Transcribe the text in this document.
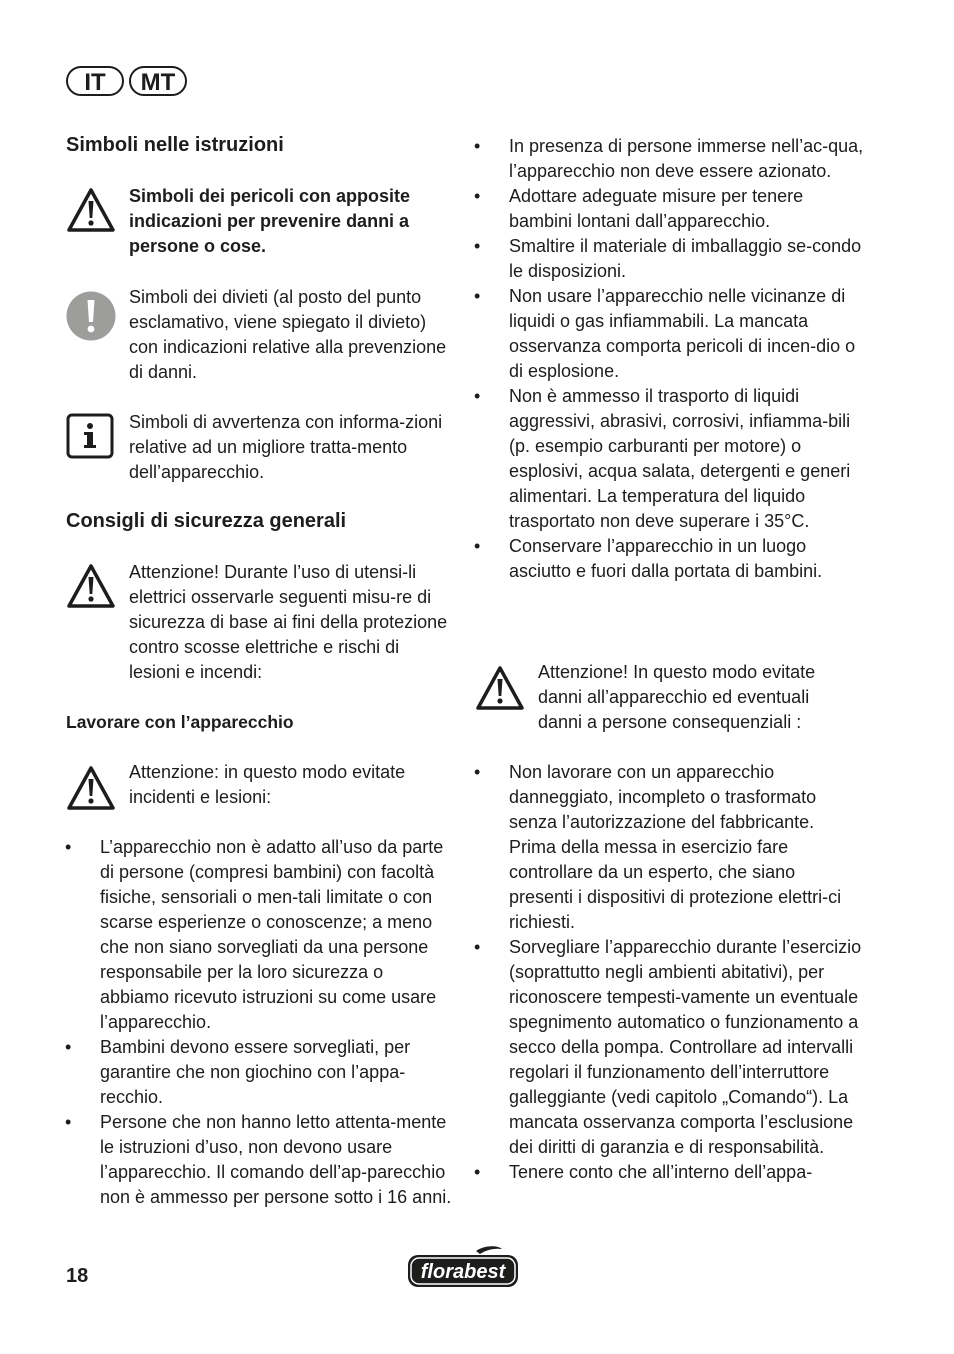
IT	MT
Simboli nelle istruzioni

Simboli dei pericoli con apposite indicazioni per prevenire danni a persone o cose.

Simboli dei divieti (al posto del punto esclamativo, viene spiegato il divieto) con indicazioni relative alla prevenzione di danni.

Simboli di avvertenza con informa-zioni relative ad un migliore tratta-mento dell’apparecchio.

Consigli di sicurezza generali

Attenzione! Durante l’uso di utensi-li elettrici osservarle seguenti misu-re di sicurezza di base ai fini della protezione contro scosse elettriche e rischi di lesioni e incendi:

Lavorare con l’apparecchio

Attenzione: in questo modo evitate incidenti e lesioni:

• L’apparecchio non è adatto all’uso da parte di persone (compresi bambini) con facoltà fisiche, sensoriali o men-tali limitate o con scarse esperienze o conoscenze; a meno che non siano sorvegliati da una persone responsabile per la loro sicurezza o abbiamo ricevuto istruzioni su come usare l’apparecchio.
• Bambini devono essere sorvegliati, per garantire che non giochino con l’appa-recchio.
• Persone che non hanno letto attenta-mente le istruzioni d’uso, non devono usare l’apparecchio. Il comando dell’ap-parecchio non è ammesso per persone sotto i 16 anni.
• In presenza di persone immerse nell’ac-qua, l’apparecchio non deve essere azionato.
• Adottare adeguate misure per tenere bambini lontani dall’apparecchio.
• Smaltire il materiale di imballaggio se-condo le disposizioni.
• Non usare l’apparecchio nelle vicinanze di liquidi o gas infiammabili. La mancata osservanza comporta pericoli di incen-dio o di esplosione.
• Non è ammesso il trasporto di liquidi aggressivi, abrasivi, corrosivi, infiamma-bili (p. esempio carburanti per motore) o esplosivi, acqua salata, detergenti e generi alimentari. La temperatura del liquido trasportato non deve superare i 35°C.
• Conservare l’apparecchio in un luogo asciutto e fuori dalla portata di bambini.

Attenzione! In questo modo evitate danni all’apparecchio ed eventuali danni a persone consequenziali :

• Non lavorare con un apparecchio danneggiato, incompleto o trasformato senza l’autorizzazione del fabbricante. Prima della messa in esercizio fare controllare da un esperto, che siano presenti i dispositivi di protezione elettri-ci richiesti.
• Sorvegliare l’apparecchio durante l’esercizio (soprattutto negli ambienti abitativi), per riconoscere tempesti-vamente un eventuale spegnimento automatico o funzionamento a secco della pompa. Controllare ad intervalli regolari il funzionamento dell’interruttore galleggiante (vedi capitolo „Comando“). La mancata osservanza comporta l’esclusione dei diritti di garanzia e di responsabilità.
• Tenere conto che all’interno dell’appa-
18	florabest
